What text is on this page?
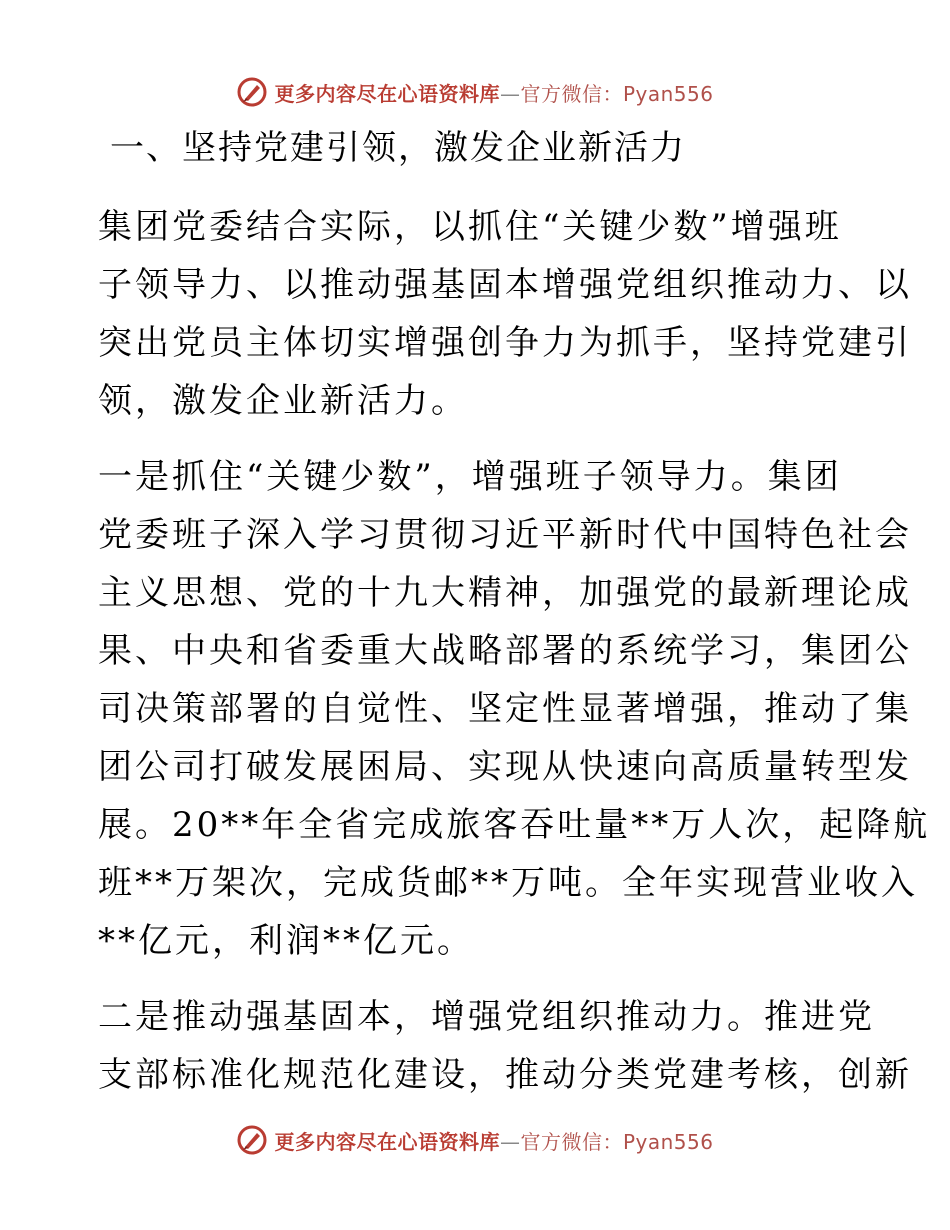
更多内容尽在心语资料库—官方微信：Pyan556
一、坚持党建引领，激发企业新活力
集团党委结合实际，以抓住“关键少数”增强班
子领导力、以推动强基固本增强党组织推动力、以
突出党员主体切实增强创争力为抓手，坚持党建引
领，激发企业新活力。
一是抓住“关键少数”，增强班子领导力。集团
党委班子深入学习贯彻习近平新时代中国特色社会
主义思想、党的十九大精神，加强党的最新理论成
果、中央和省委重大战略部署的系统学习，集团公
司决策部署的自觉性、坚定性显著增强，推动了集
团公司打破发展困局、实现从快速向高质量转型发
展。20**年全省完成旅客吞吐量**万人次，起降航
班**万架次，完成货邮**万吨。全年实现营业收入
**亿元，利润**亿元。
二是推动强基固本，增强党组织推动力。推进党
支部标准化规范化建设，推动分类党建考核，创新
更多内容尽在心语资料库—官方微信：Pyan556
